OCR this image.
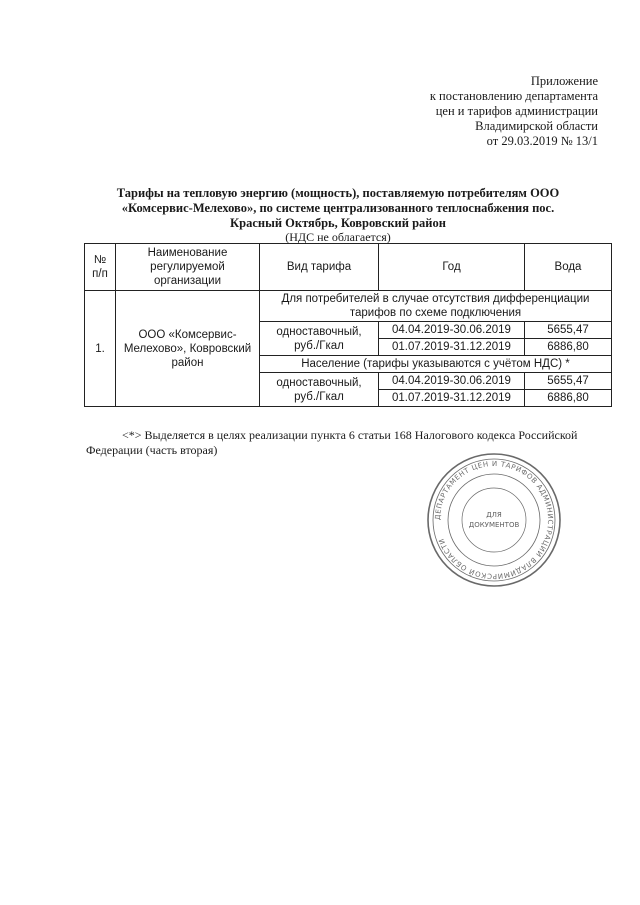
Приложение
к постановлению департамента
цен и тарифов администрации
Владимирской области
от 29.03.2019 № 13/1
Тарифы на тепловую энергию (мощность), поставляемую потребителям ООО «Комсервис-Мелехово», по системе централизованного теплоснабжения пос. Красный Октябрь, Ковровский район
(НДС не облагается)
№ п/п	Наименование регулируемой организации	Вид тарифа	Год	Вода
1.	ООО «Комсервис-Мелехово», Ковровский район	Для потребителей в случае отсутствия дифференциации тарифов по схеме подключения		
		одноставочный, руб./Гкал	04.04.2019-30.06.2019	5655,47
			01.07.2019-31.12.2019	6886,80
		Население (тарифы указываются с учётом НДС) *		
		одноставочный, руб./Гкал	04.04.2019-30.06.2019	5655,47
			01.07.2019-31.12.2019	6886,80
<*> Выделяется в целях реализации пункта 6 статьи 168 Налогового кодекса Российской Федерации (часть вторая)
ДЕПАРТАМЕНТ ЦЕН И ТАРИФОВ АДМИНИСТРАЦИИ ВЛАДИМИРСКОЙ ОБЛАСТИ
ДЛЯ
ДОКУМЕНТОВ
